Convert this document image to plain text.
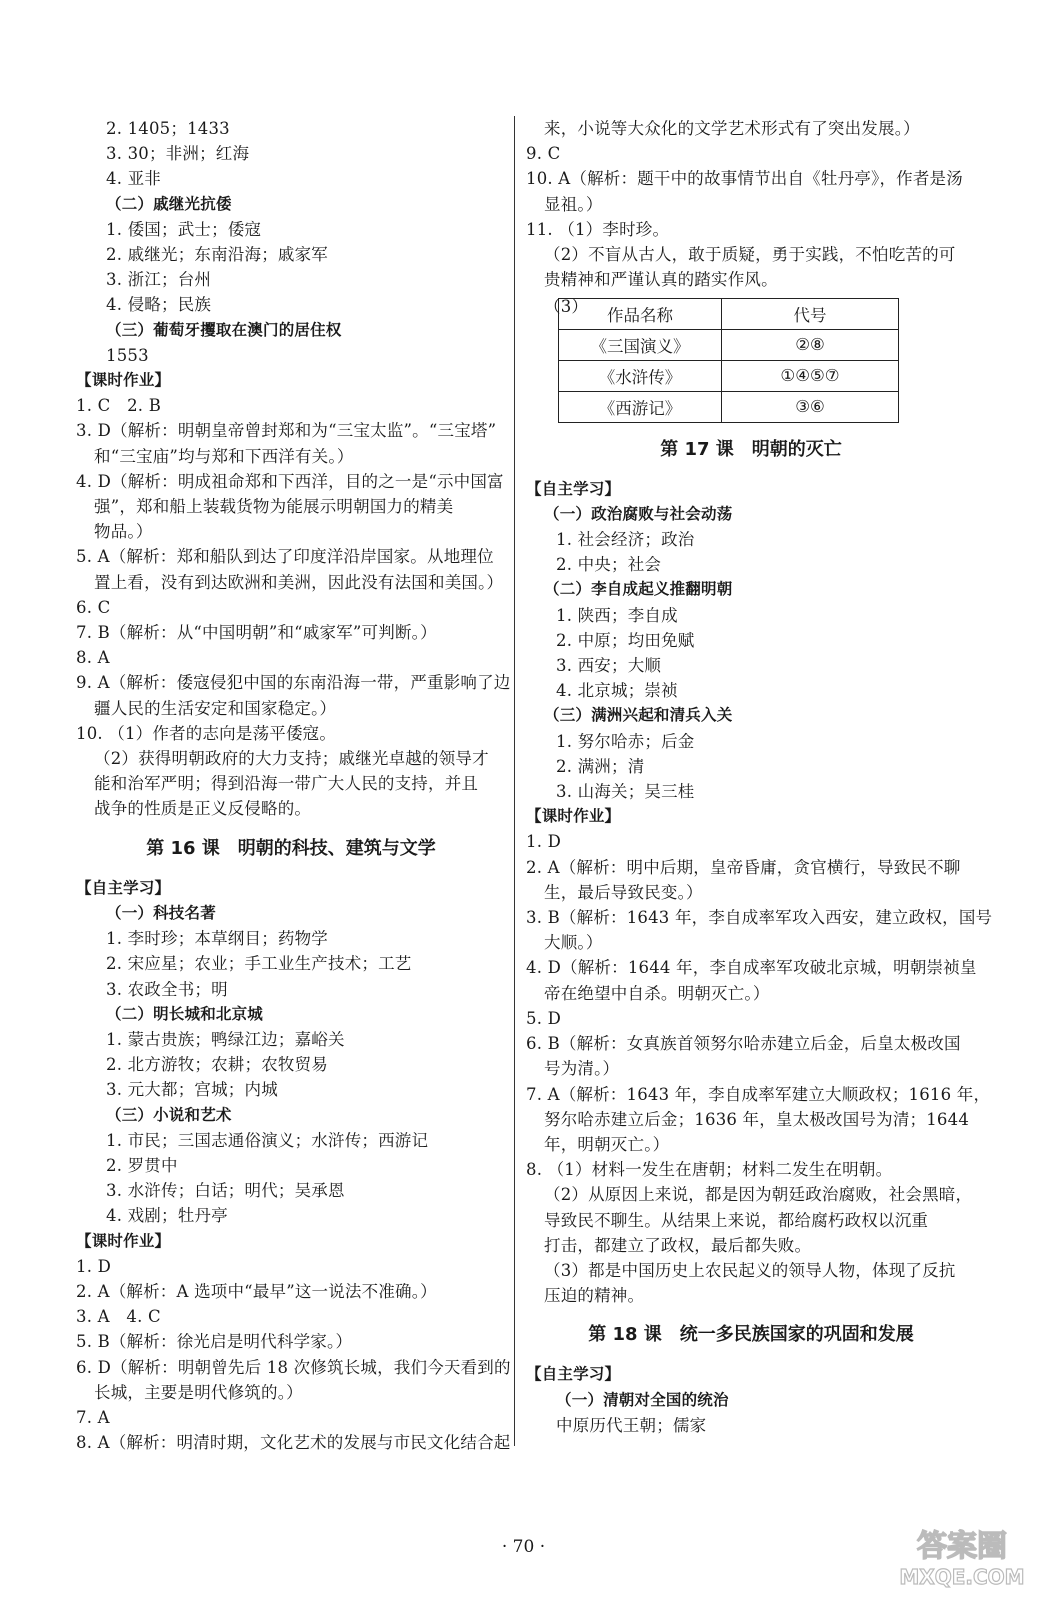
2. 1405；1433
3. 30；非洲；红海
4. 亚非
（二）戚继光抗倭
1. 倭国；武士；倭寇
2. 戚继光；东南沿海；戚家军
3. 浙江；台州
4. 侵略；民族
（三）葡萄牙攫取在澳门的居住权
1553
【课时作业】
1. C　2. B
3. D（解析：明朝皇帝曾封郑和为“三宝太监”。“三宝塔”
和“三宝庙”均与郑和下西洋有关。）
4. D（解析：明成祖命郑和下西洋，目的之一是“示中国富
强”，郑和船上装载货物为能展示明朝国力的精美
物品。）
5. A（解析：郑和船队到达了印度洋沿岸国家。从地理位
置上看，没有到达欧洲和美洲，因此没有法国和美国。）
6. C
7. B（解析：从“中国明朝”和“戚家军”可判断。）
8. A
9. A（解析：倭寇侵犯中国的东南沿海一带，严重影响了边
疆人民的生活安定和国家稳定。）
10. （1）作者的志向是荡平倭寇。
（2）获得明朝政府的大力支持；戚继光卓越的领导才
能和治军严明；得到沿海一带广大人民的支持，并且
战争的性质是正义反侵略的。
第 16 课　明朝的科技、建筑与文学
【自主学习】
（一）科技名著
1. 李时珍；本草纲目；药物学
2. 宋应星；农业；手工业生产技术；工艺
3. 农政全书；明
（二）明长城和北京城
1. 蒙古贵族；鸭绿江边；嘉峪关
2. 北方游牧；农耕；农牧贸易
3. 元大都；宫城；内城
（三）小说和艺术
1. 市民；三国志通俗演义；水浒传；西游记
2. 罗贯中
3. 水浒传；白话；明代；吴承恩
4. 戏剧；牡丹亭
【课时作业】
1. D
2. A（解析：A 选项中“最早”这一说法不准确。）
3. A　4. C
5. B（解析：徐光启是明代科学家。）
6. D（解析：明朝曾先后 18 次修筑长城，我们今天看到的
长城，主要是明代修筑的。）
7. A
8. A（解析：明清时期，文化艺术的发展与市民文化结合起
来，小说等大众化的文学艺术形式有了突出发展。）
9. C
10. A（解析：题干中的故事情节出自《牡丹亭》，作者是汤
显祖。）
11. （1）李时珍。
（2）不盲从古人，敢于质疑，勇于实践，不怕吃苦的可
贵精神和严谨认真的踏实作风。
（3）	作品名称	代号
《三国演义》	②⑧
《水浒传》	①④⑤⑦
《西游记》	③⑥
第 17 课　明朝的灭亡
【自主学习】
（一）政治腐败与社会动荡
1. 社会经济；政治
2. 中央；社会
（二）李自成起义推翻明朝
1. 陕西；李自成
2. 中原；均田免赋
3. 西安；大顺
4. 北京城；崇祯
（三）满洲兴起和清兵入关
1. 努尔哈赤；后金
2. 满洲；清
3. 山海关；吴三桂
【课时作业】
1. D
2. A（解析：明中后期，皇帝昏庸，贪官横行，导致民不聊
生，最后导致民变。）
3. B（解析：1643 年，李自成率军攻入西安，建立政权，国号
大顺。）
4. D（解析：1644 年，李自成率军攻破北京城，明朝崇祯皇
帝在绝望中自杀。明朝灭亡。）
5. D
6. B（解析：女真族首领努尔哈赤建立后金，后皇太极改国
号为清。）
7. A（解析：1643 年，李自成率军建立大顺政权；1616 年，
努尔哈赤建立后金；1636 年，皇太极改国号为清；1644
年，明朝灭亡。）
8. （1）材料一发生在唐朝；材料二发生在明朝。
（2）从原因上来说，都是因为朝廷政治腐败，社会黑暗，
导致民不聊生。从结果上来说，都给腐朽政权以沉重
打击，都建立了政权，最后都失败。
（3）都是中国历史上农民起义的领导人物，体现了反抗
压迫的精神。
第 18 课　统一多民族国家的巩固和发展
【自主学习】
（一）清朝对全国的统治
中原历代王朝；儒家
· 70 ·	答案圈
MXQE.COM
